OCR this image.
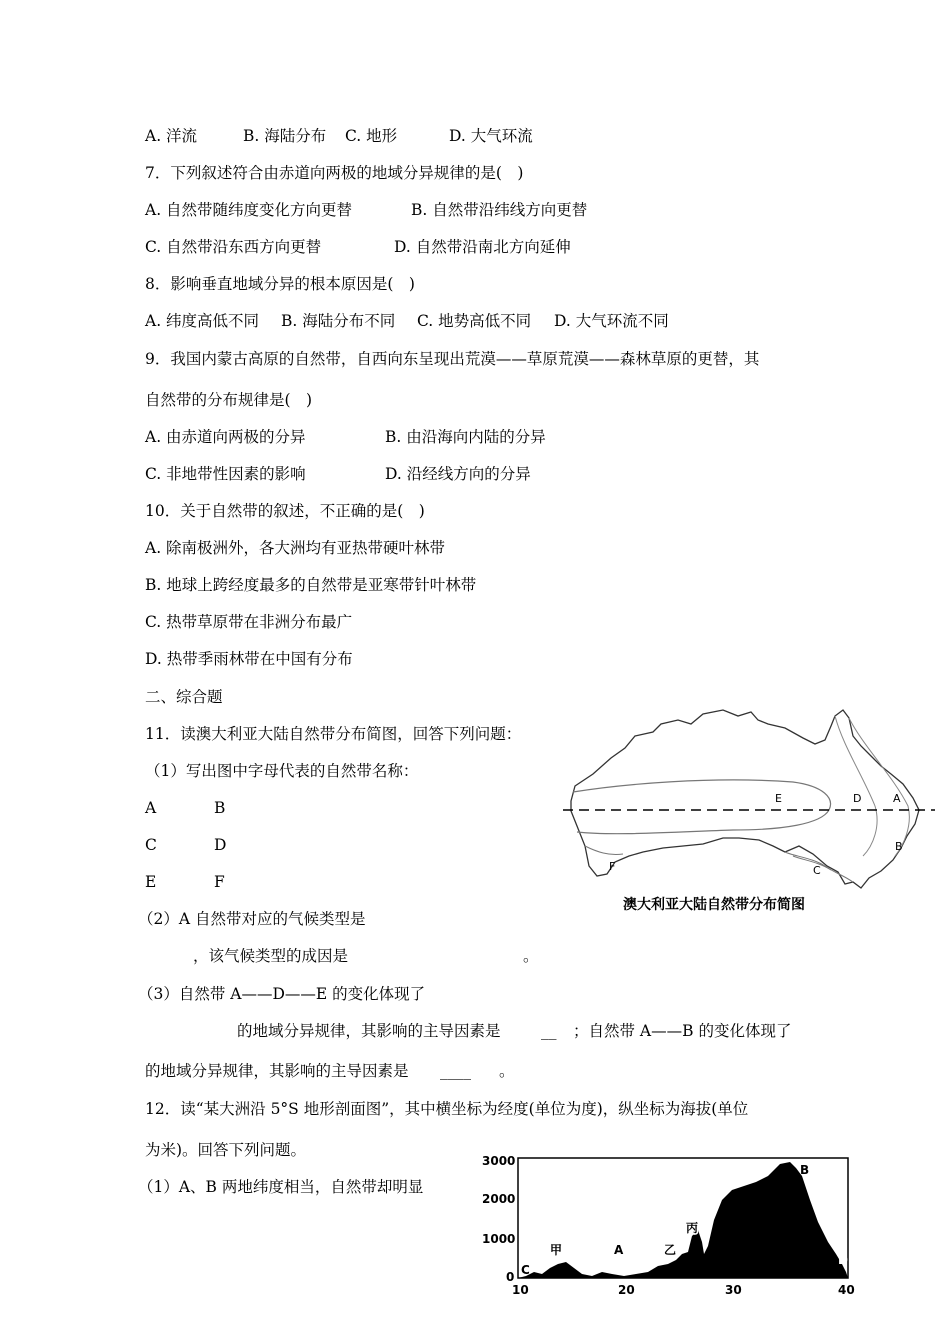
A. 洋流	B. 海陆分布 C. 地形	D. 大气环流
7．下列叙述符合由赤道向两极的地域分异规律的是(　)
A. 自然带随纬度变化方向更替	B. 自然带沿纬线方向更替
C. 自然带沿东西方向更替	D. 自然带沿南北方向延伸
8．影响垂直地域分异的根本原因是(　)
A. 纬度高低不同 B. 海陆分布不同 C. 地势高低不同 D. 大气环流不同
9．我国内蒙古高原的自然带，自西向东呈现出荒漠——草原荒漠——森林草原的更替，其
自然带的分布规律是(　)
A. 由赤道向两极的分异	B. 由沿海向内陆的分异
C. 非地带性因素的影响	D. 沿经线方向的分异
10．关于自然带的叙述，不正确的是(　)
A. 除南极洲外，各大洲均有亚热带硬叶林带
B. 地球上跨经度最多的自然带是亚寒带针叶林带
C. 热带草原带在非洲分布最广
D. 热带季雨林带在中国有分布
二、综合题
11．读澳大利亚大陆自然带分布简图，回答下列问题：
（1）写出图中字母代表的自然带名称：
A	B
C	D
E	F
（2）A 自然带对应的气候类型是
，该气候类型的成因是	。
（3）自然带 A——D——E 的变化体现了
的地域分异规律，其影响的主导因素是	__ ；自然带 A——B 的变化体现了
的地域分异规律，其影响的主导因素是 ____ 。
E	D	A
B
C
F
澳大利亚大陆自然带分布简图
12．读“某大洲沿 5°S 地形剖面图”，其中横坐标为经度(单位为度)，纵坐标为海拔(单位
为米)。回答下列问题。
（1）A、B 两地纬度相当，自然带却明显
3000
2000
1000
0
10	20	30	40
C
甲	A	乙
丙
B
D
